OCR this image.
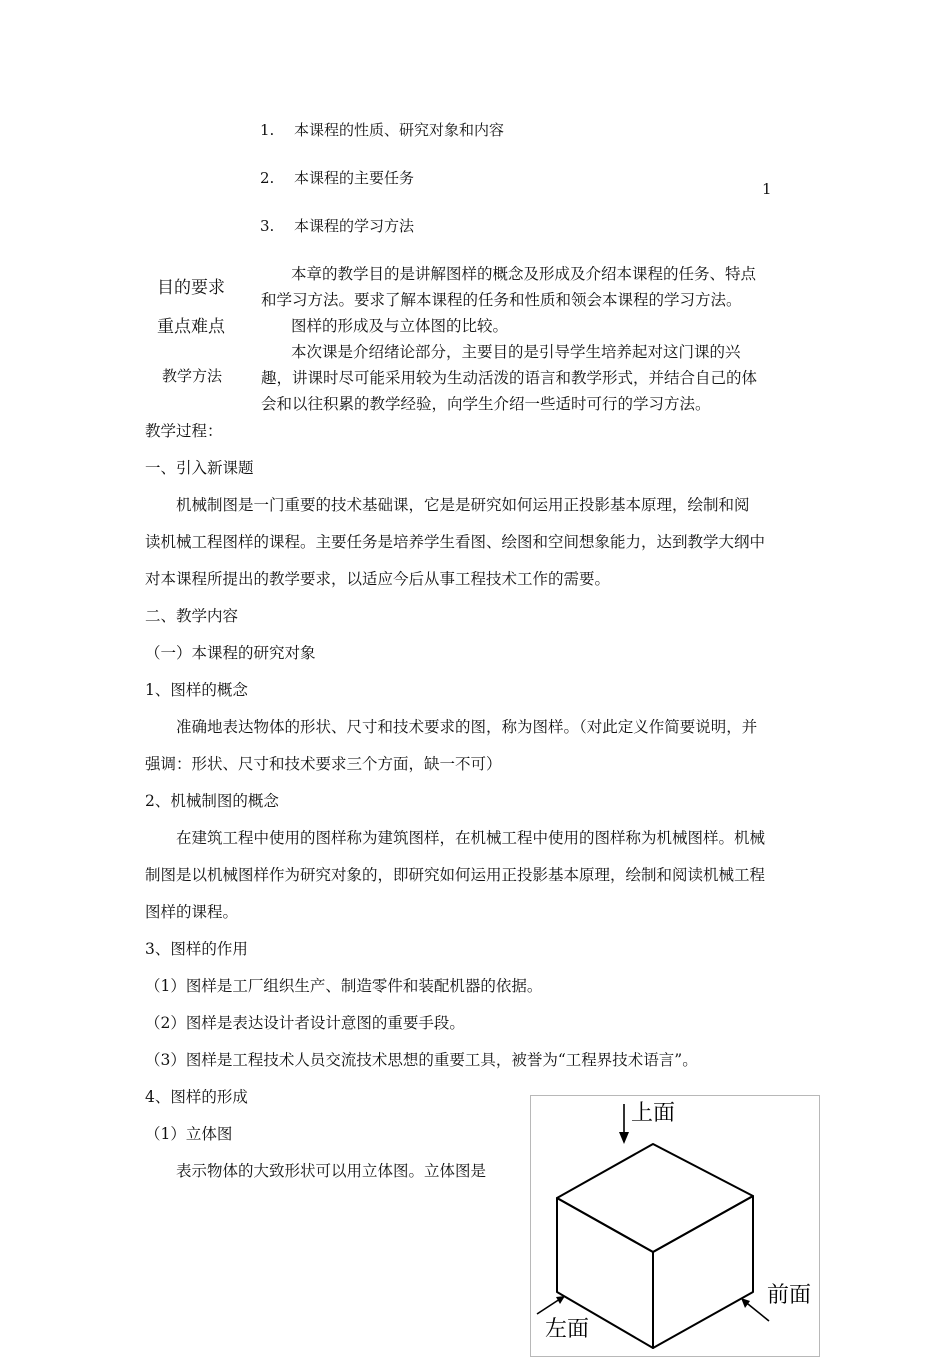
1. 本课程的性质、研究对象和内容
2. 本课程的主要任务
3. 本课程的学习方法
1
目的要求
重点难点
教学方法
本章的教学目的是讲解图样的概念及形成及介绍本课程的任务、特点
和学习方法。要求了解本课程的任务和性质和领会本课程的学习方法。
图样的形成及与立体图的比较。
本次课是介绍绪论部分，主要目的是引导学生培养起对这门课的兴
趣，讲课时尽可能采用较为生动活泼的语言和教学形式，并结合自己的体
会和以往积累的教学经验，向学生介绍一些适时可行的学习方法。
教学过程：
一、引入新课题
　　机械制图是一门重要的技术基础课，它是是研究如何运用正投影基本原理，绘制和阅
读机械工程图样的课程。主要任务是培养学生看图、绘图和空间想象能力，达到教学大纲中
对本课程所提出的教学要求，以适应今后从事工程技术工作的需要。
二、教学内容
（一）本课程的研究对象
1、图样的概念
　　准确地表达物体的形状、尺寸和技术要求的图，称为图样。（对此定义作简要说明，并
强调：形状、尺寸和技术要求三个方面，缺一不可）
2、机械制图的概念
　　在建筑工程中使用的图样称为建筑图样，在机械工程中使用的图样称为机械图样。机械
制图是以机械图样作为研究对象的，即研究如何运用正投影基本原理，绘制和阅读机械工程
图样的课程。
3、图样的作用
（1）图样是工厂组织生产、制造零件和装配机器的依据。
（2）图样是表达设计者设计意图的重要手段。
（3）图样是工程技术人员交流技术思想的重要工具，被誉为“工程界技术语言”。
4、图样的形成
（1）立体图
　　表示物体的大致形状可以用立体图。立体图是
上面
前面
左面
